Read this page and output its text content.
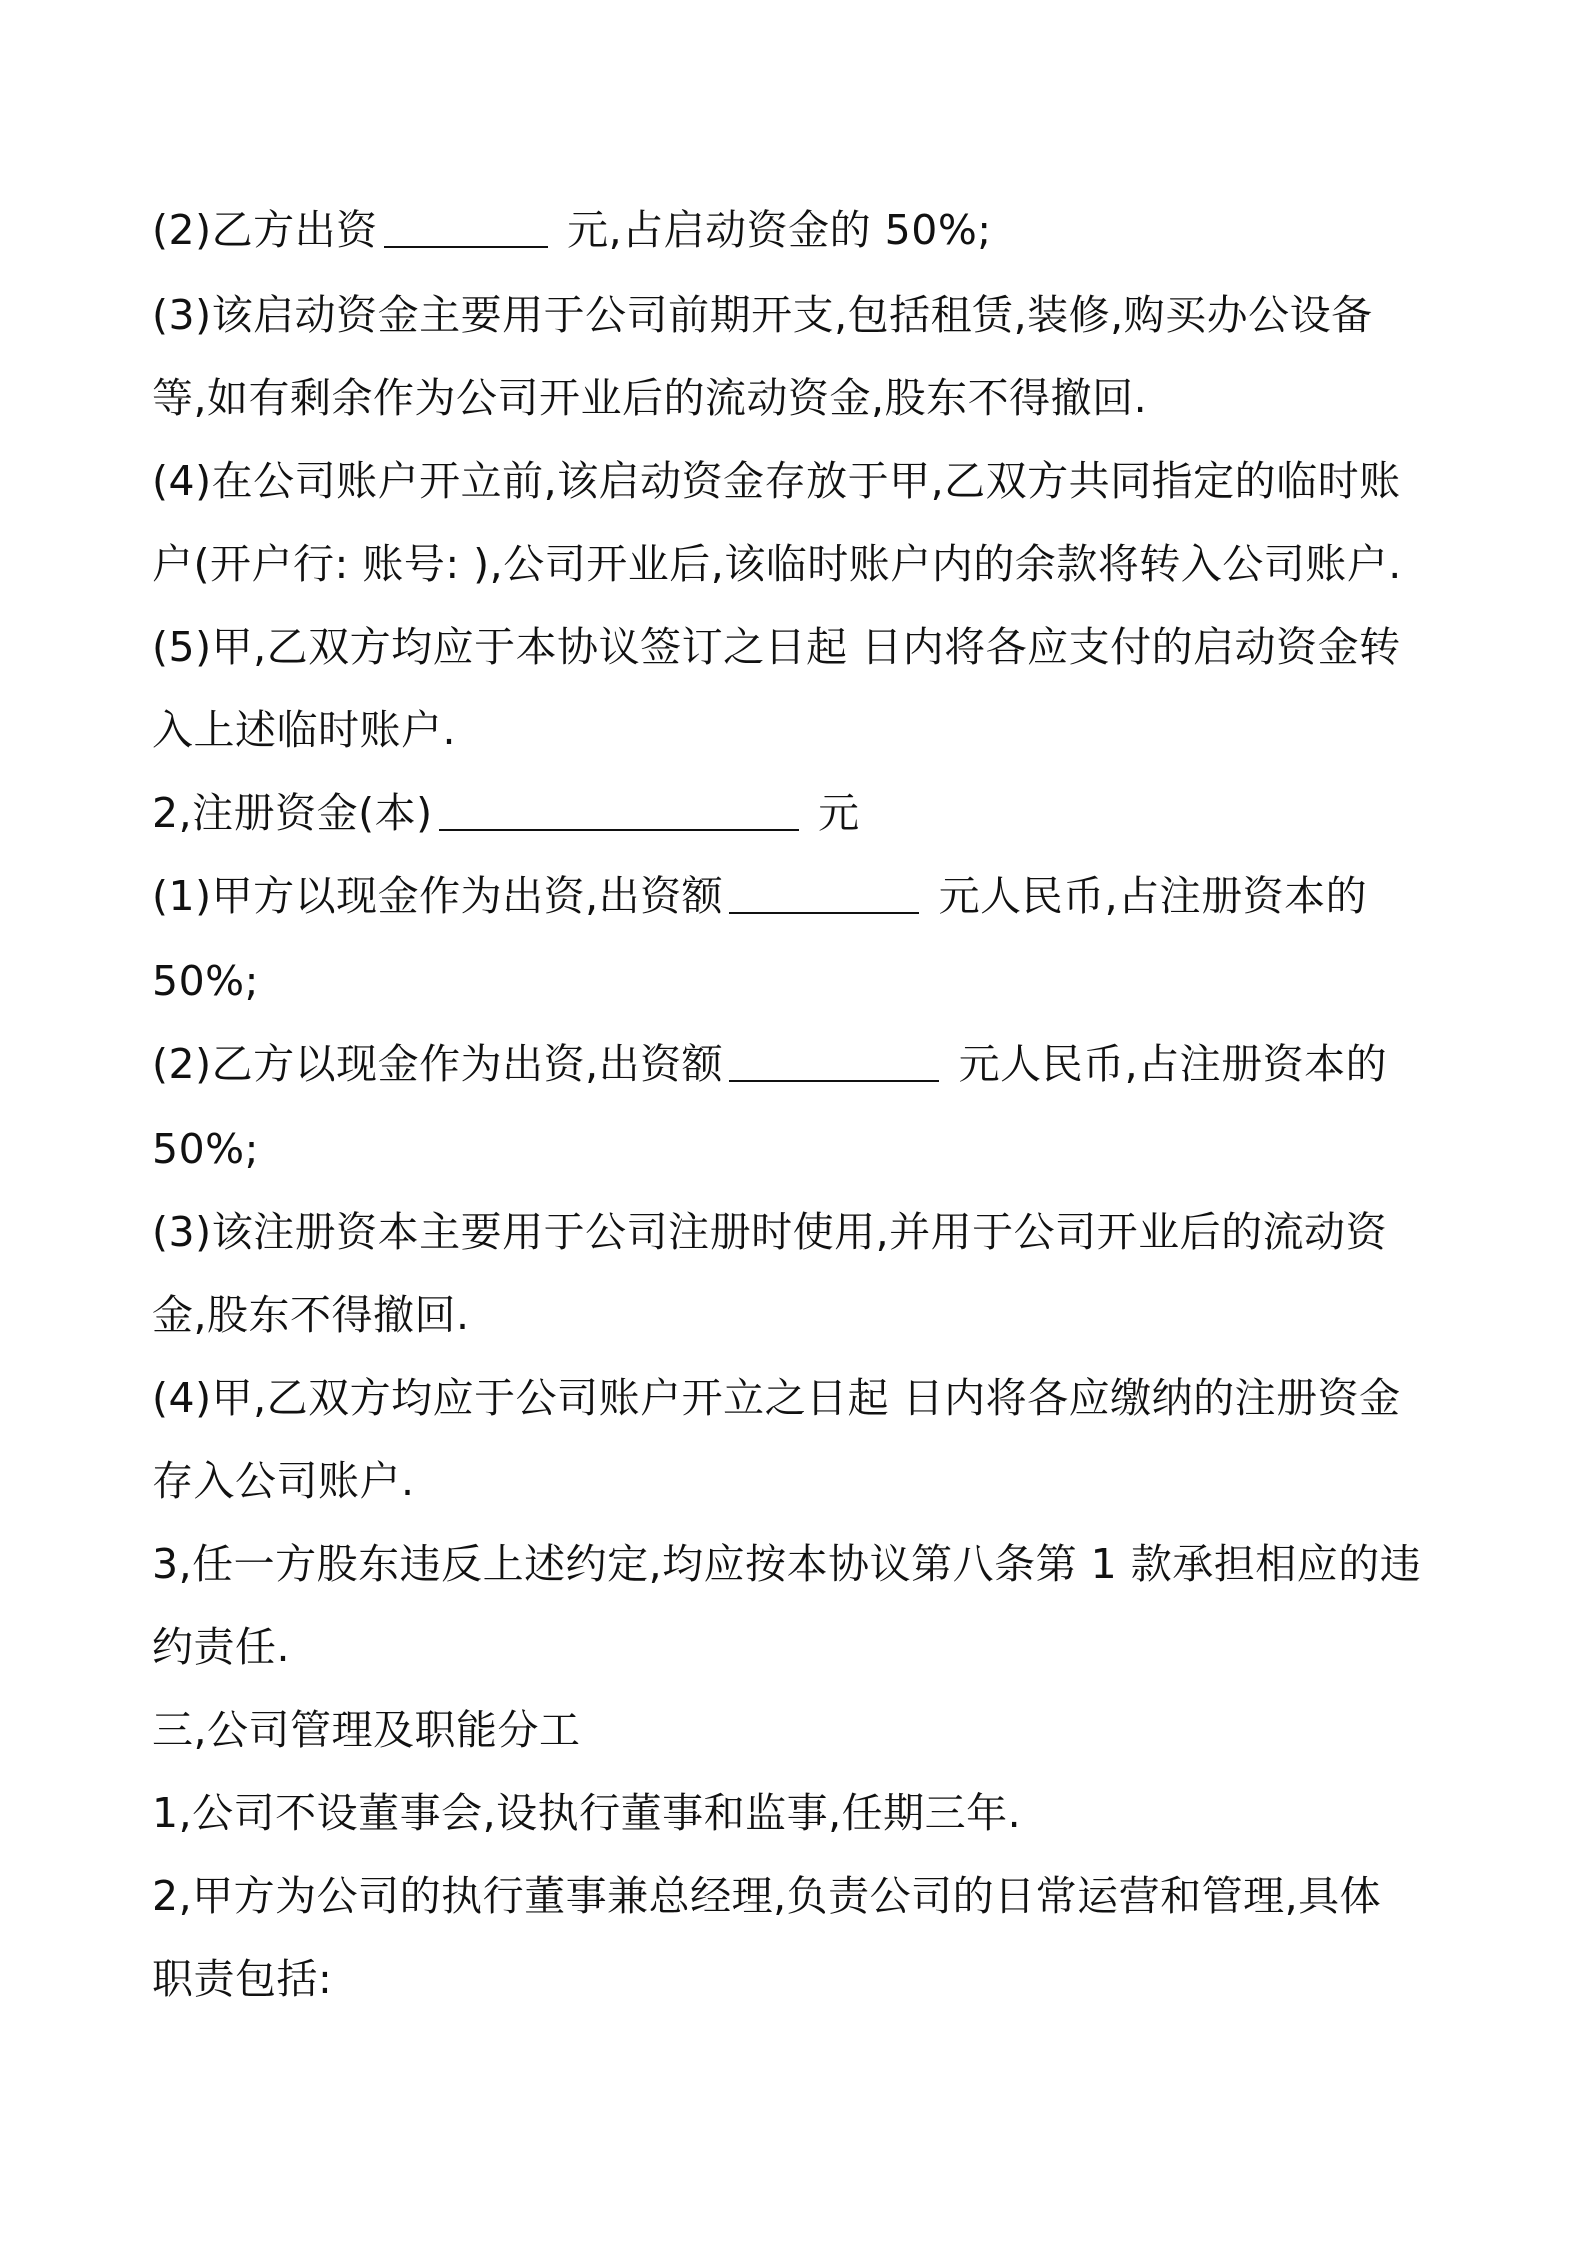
(2)乙方出资	元,占启动资金的 50%;
(3)该启动资金主要用于公司前期开支,包括租赁,装修,购买办公设备
等,如有剩余作为公司开业后的流动资金,股东不得撤回.
(4)在公司账户开立前,该启动资金存放于甲,乙双方共同指定的临时账
户(开户行: 账号: ),公司开业后,该临时账户内的余款将转入公司账户.
(5)甲,乙双方均应于本协议签订之日起 日内将各应支付的启动资金转
入上述临时账户.
2,注册资金(本)	元
(1)甲方以现金作为出资,出资额	元人民币,占注册资本的
50%;
(2)乙方以现金作为出资,出资额	元人民币,占注册资本的
50%;
(3)该注册资本主要用于公司注册时使用,并用于公司开业后的流动资
金,股东不得撤回.
(4)甲,乙双方均应于公司账户开立之日起 日内将各应缴纳的注册资金
存入公司账户.
3,任一方股东违反上述约定,均应按本协议第八条第 1 款承担相应的违
约责任.
三,公司管理及职能分工
1,公司不设董事会,设执行董事和监事,任期三年.
2,甲方为公司的执行董事兼总经理,负责公司的日常运营和管理,具体
职责包括:
